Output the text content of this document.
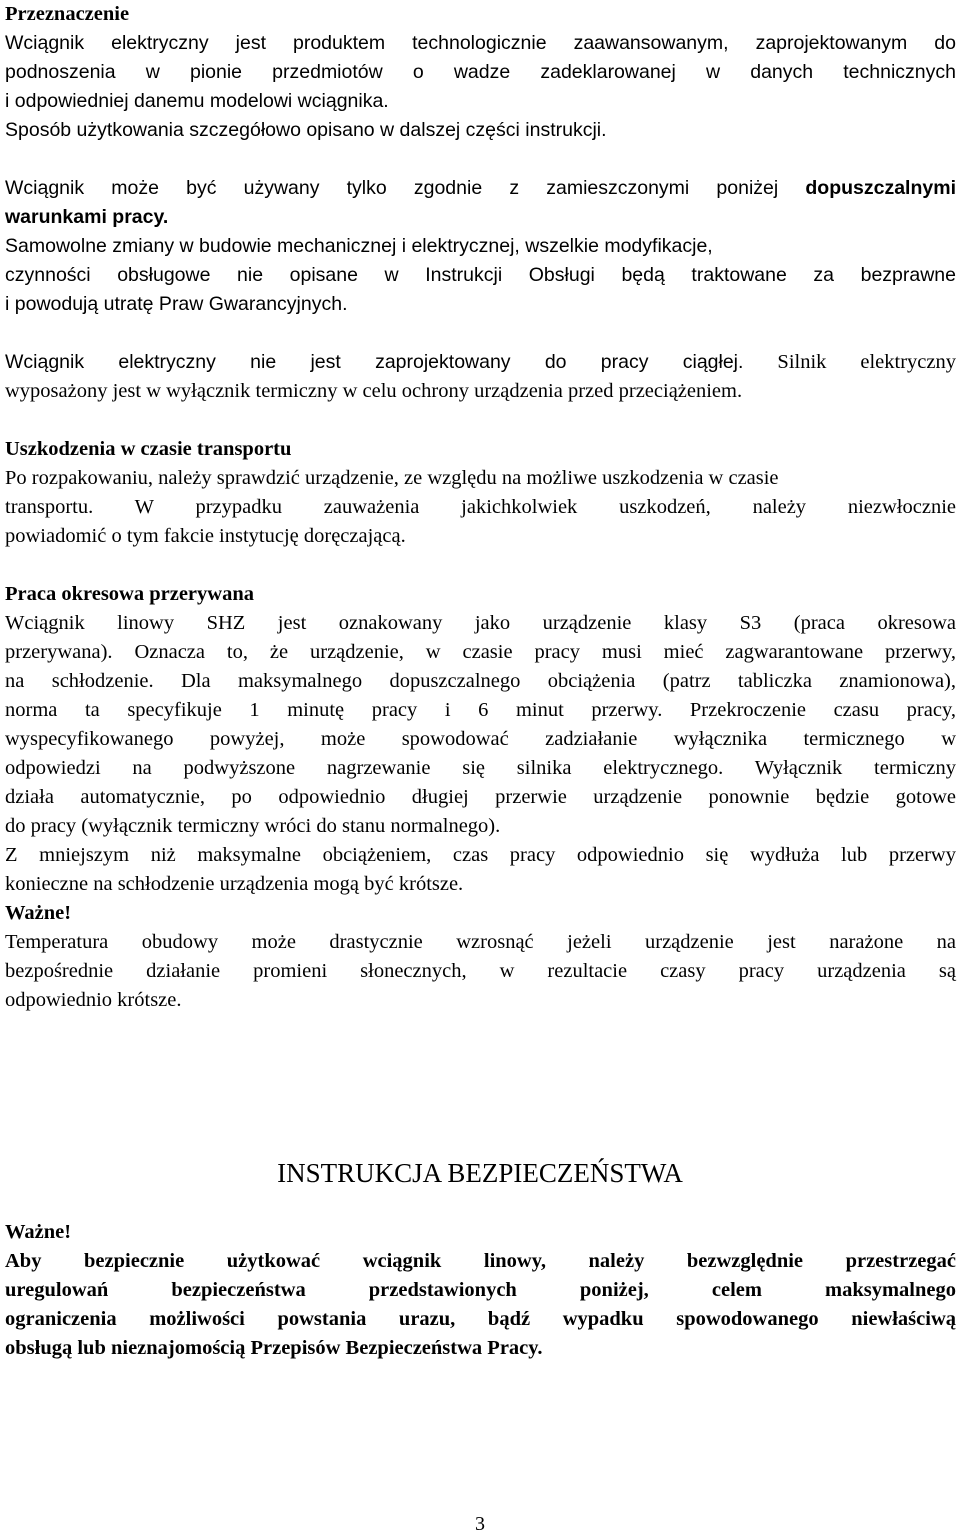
Przeznaczenie
Wciągnik elektryczny jest produktem technologicznie zaawansowanym, zaprojektowanym do
podnoszenia w pionie przedmiotów o wadze zadeklarowanej w danych technicznych
i odpowiedniej danemu modelowi wciągnika.
Sposób użytkowania szczegółowo opisano w dalszej części instrukcji.
Wciągnik może być używany tylko zgodnie z zamieszczonymi poniżej dopuszczalnymi
warunkami pracy.
Samowolne zmiany w budowie mechanicznej i elektrycznej, wszelkie modyfikacje,
czynności obsługowe nie opisane w Instrukcji Obsługi będą traktowane za bezprawne
i powodują utratę Praw Gwarancyjnych.
Wciągnik elektryczny nie jest zaprojektowany do pracy ciągłej. Silnik elektryczny
wyposażony jest w wyłącznik termiczny w celu ochrony urządzenia przed przeciążeniem.
Uszkodzenia w czasie transportu
Po rozpakowaniu, należy sprawdzić urządzenie, ze względu na możliwe uszkodzenia w czasie
transportu. W przypadku zauważenia jakichkolwiek uszkodzeń, należy niezwłocznie
powiadomić o tym fakcie instytucję doręczającą.
Praca okresowa przerywana
Wciągnik linowy SHZ jest oznakowany jako urządzenie klasy S3 (praca okresowa
przerywana). Oznacza to, że urządzenie, w czasie pracy musi mieć zagwarantowane przerwy,
na schłodzenie. Dla maksymalnego dopuszczalnego obciążenia (patrz tabliczka znamionowa),
norma ta specyfikuje 1 minutę pracy i 6 minut przerwy. Przekroczenie czasu pracy,
wyspecyfikowanego powyżej, może spowodować zadziałanie wyłącznika termicznego w
odpowiedzi na podwyższone nagrzewanie się silnika elektrycznego. Wyłącznik termiczny
działa automatycznie, po odpowiednio długiej przerwie urządzenie ponownie będzie gotowe
do pracy (wyłącznik termiczny wróci do stanu normalnego).
Z mniejszym niż maksymalne obciążeniem, czas pracy odpowiednio się wydłuża lub przerwy
konieczne na schłodzenie urządzenia mogą być krótsze.
Ważne!
Temperatura obudowy może drastycznie wzrosnąć jeżeli urządzenie jest narażone na
bezpośrednie działanie promieni słonecznych, w rezultacie czasy pracy urządzenia są
odpowiednio krótsze.
INSTRUKCJA BEZPIECZEŃSTWA
Ważne!
Aby bezpiecznie użytkować wciągnik linowy, należy bezwzględnie przestrzegać
uregulowań bezpieczeństwa przedstawionych poniżej, celem maksymalnego
ograniczenia możliwości powstania urazu, bądź wypadku spowodowanego niewłaściwą
obsługą lub nieznajomością Przepisów Bezpieczeństwa Pracy.
3
